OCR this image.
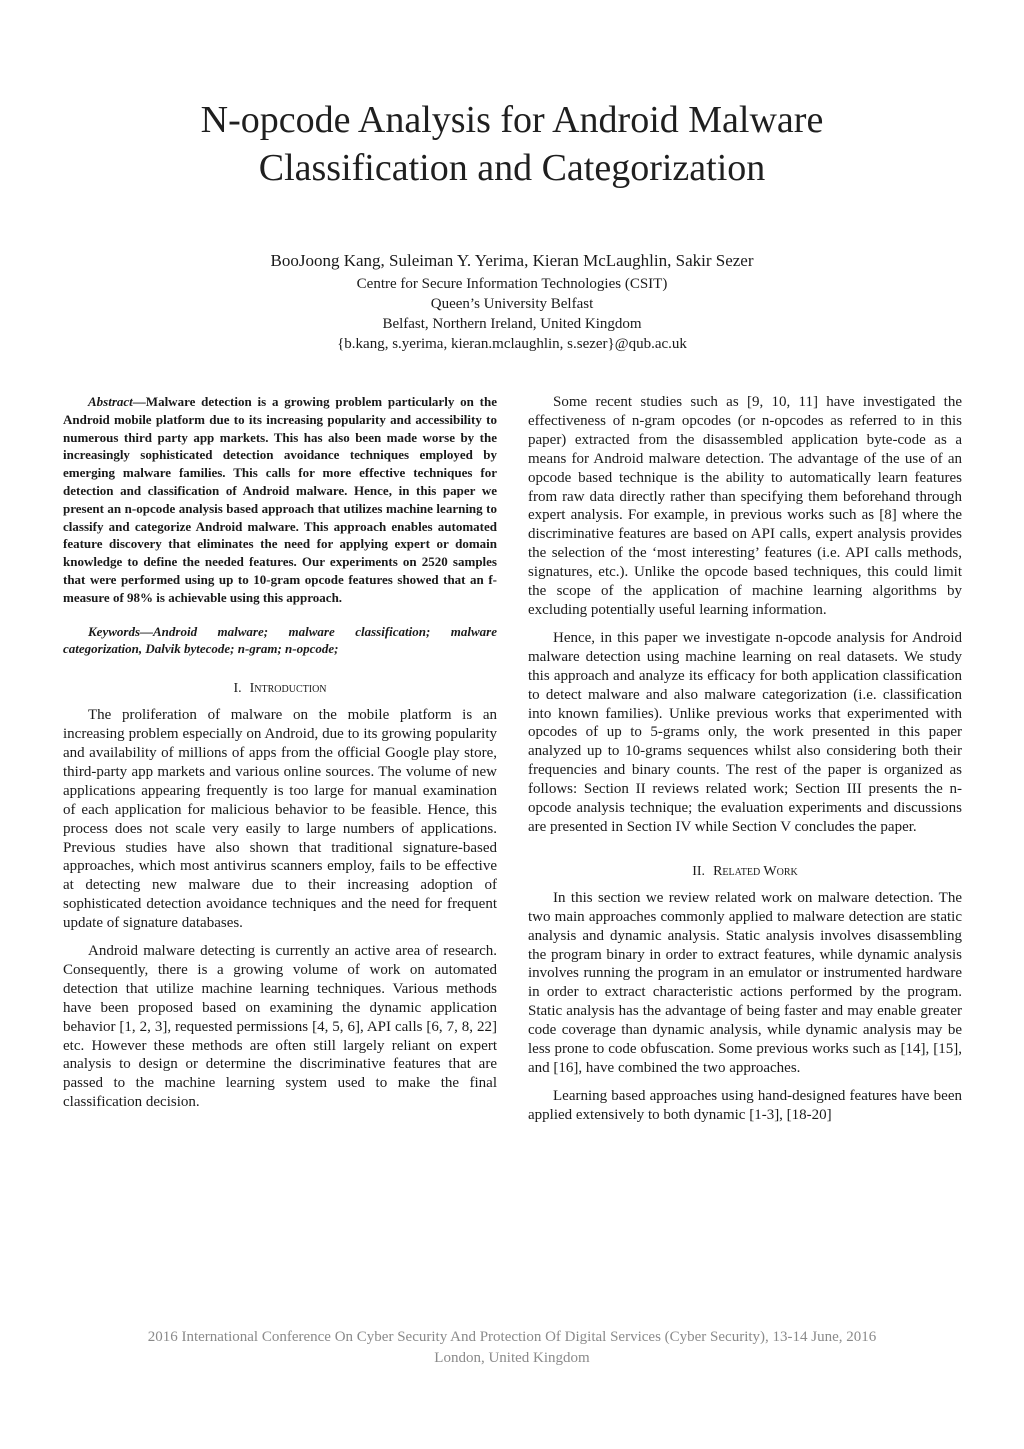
N-opcode Analysis for Android Malware
Classification and Categorization
BooJoong Kang, Suleiman Y. Yerima, Kieran McLaughlin, Sakir Sezer
Centre for Secure Information Technologies (CSIT)
Queen’s University Belfast
Belfast, Northern Ireland, United Kingdom
{b.kang, s.yerima, kieran.mclaughlin, s.sezer}@qub.ac.uk

Abstract—Malware detection is a growing problem particularly on the Android mobile platform due to its increasing popularity and accessibility to numerous third party app markets. This has also been made worse by the increasingly sophisticated detection avoidance techniques employed by emerging malware families. This calls for more effective techniques for detection and classification of Android malware. Hence, in this paper we present an n-opcode analysis based approach that utilizes machine learning to classify and categorize Android malware. This approach enables automated feature discovery that eliminates the need for applying expert or domain knowledge to define the needed features. Our experiments on 2520 samples that were performed using up to 10-gram opcode features showed that an f-measure of 98% is achievable using this approach.

Keywords—Android malware; malware classification; malware categorization, Dalvik bytecode; n-gram; n-opcode;

I. Introduction

The proliferation of malware on the mobile platform is an increasing problem especially on Android, due to its growing popularity and availability of millions of apps from the official Google play store, third-party app markets and various online sources. The volume of new applications appearing frequently is too large for manual examination of each application for malicious behavior to be feasible. Hence, this process does not scale very easily to large numbers of applications. Previous studies have also shown that traditional signature-based approaches, which most antivirus scanners employ, fails to be effective at detecting new malware due to their increasing adoption of sophisticated detection avoidance techniques and the need for frequent update of signature databases.

Android malware detecting is currently an active area of research. Consequently, there is a growing volume of work on automated detection that utilize machine learning techniques. Various methods have been proposed based on examining the dynamic application behavior [1, 2, 3], requested permissions [4, 5, 6], API calls [6, 7, 8, 22] etc. However these methods are often still largely reliant on expert analysis to design or determine the discriminative features that are passed to the machine learning system used to make the final classification decision.

Some recent studies such as [9, 10, 11] have investigated the effectiveness of n-gram opcodes (or n-opcodes as referred to in this paper) extracted from the disassembled application byte-code as a means for Android malware detection. The advantage of the use of an opcode based technique is the ability to automatically learn features from raw data directly rather than specifying them beforehand through expert analysis. For example, in previous works such as [8] where the discriminative features are based on API calls, expert analysis provides the selection of the ‘most interesting’ features (i.e. API calls methods, signatures, etc.). Unlike the opcode based techniques, this could limit the scope of the application of machine learning algorithms by excluding potentially useful learning information.

Hence, in this paper we investigate n-opcode analysis for Android malware detection using machine learning on real datasets. We study this approach and analyze its efficacy for both application classification to detect malware and also malware categorization (i.e. classification into known families). Unlike previous works that experimented with opcodes of up to 5-grams only, the work presented in this paper analyzed up to 10-grams sequences whilst also considering both their frequencies and binary counts. The rest of the paper is organized as follows: Section II reviews related work; Section III presents the n-opcode analysis technique; the evaluation experiments and discussions are presented in Section IV while Section V concludes the paper.

II. Related Work

In this section we review related work on malware detection. The two main approaches commonly applied to malware detection are static analysis and dynamic analysis. Static analysis involves disassembling the program binary in order to extract features, while dynamic analysis involves running the program in an emulator or instrumented hardware in order to extract characteristic actions performed by the program. Static analysis has the advantage of being faster and may enable greater code coverage than dynamic analysis, while dynamic analysis may be less prone to code obfuscation. Some previous works such as [14], [15], and [16], have combined the two approaches.

Learning based approaches using hand-designed features have been applied extensively to both dynamic [1-3], [18-20]

2016 International Conference On Cyber Security And Protection Of Digital Services (Cyber Security), 13-14 June, 2016
London, United Kingdom
